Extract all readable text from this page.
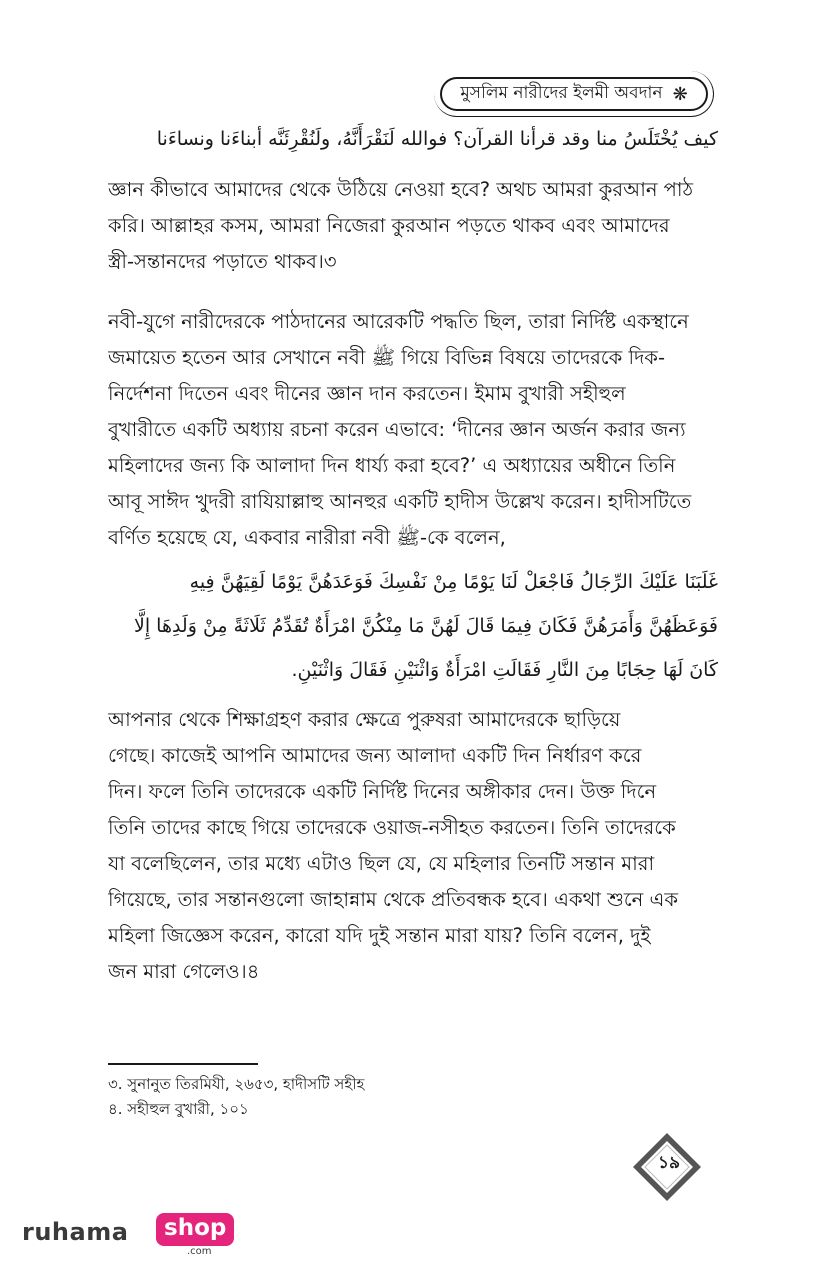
মুসলিম নারীদের ইলমী অবদান ❋
كيف يُخْتَلَسُ منا وقد قرأنا القرآن؟ فوالله لَنَقْرَأَنَّهُ، ولَنُقْرِئَنَّه أبناءَنا ونساءَنا

জ্ঞান কীভাবে আমাদের থেকে উঠিয়ে নেওয়া হবে? অথচ আমরা কুরআন পাঠ
করি। আল্লাহর কসম, আমরা নিজেরা কুরআন পড়তে থাকব এবং আমাদের
স্ত্রী-সন্তানদের পড়াতে থাকব।৩

নবী-যুগে নারীদেরকে পাঠদানের আরেকটি পদ্ধতি ছিল, তারা নির্দিষ্ট একস্থানে
জমায়েত হতেন আর সেখানে নবী ﷺ গিয়ে বিভিন্ন বিষয়ে তাদেরকে দিক-
নির্দেশনা দিতেন এবং দীনের জ্ঞান দান করতেন। ইমাম বুখারী সহীহুল
বুখারীতে একটি অধ্যায় রচনা করেন এভাবে: ‘দীনের জ্ঞান অর্জন করার জন্য
মহিলাদের জন্য কি আলাদা দিন ধার্য্য করা হবে?’ এ অধ্যায়ের অধীনে তিনি
আবূ সাঈদ খুদরী রাযিয়াল্লাহু আনহুর একটি হাদীস উল্লেখ করেন। হাদীসটিতে
বর্ণিত হয়েছে যে, একবার নারীরা নবী ﷺ-কে বলেন,

غَلَبَنَا عَلَيْكَ الرِّجَالُ فَاجْعَلْ لَنَا يَوْمًا مِنْ نَفْسِكَ فَوَعَدَهُنَّ يَوْمًا لَقِيَهُنَّ فِيهِ
فَوَعَظَهُنَّ وَأَمَرَهُنَّ فَكَانَ فِيمَا قَالَ لَهُنَّ مَا مِنْكُنَّ امْرَأَةٌ تُقَدِّمُ ثَلَاثَةً مِنْ وَلَدِهَا إِلَّا
كَانَ لَهَا حِجَابًا مِنَ النَّارِ فَقَالَتِ امْرَأَةٌ وَاثْنَيْنِ فَقَالَ وَاثْنَيْنِ.

আপনার থেকে শিক্ষাগ্রহণ করার ক্ষেত্রে পুরুষরা আমাদেরকে ছাড়িয়ে
গেছে। কাজেই আপনি আমাদের জন্য আলাদা একটি দিন নির্ধারণ করে
দিন। ফলে তিনি তাদেরকে একটি নির্দিষ্ট দিনের অঙ্গীকার দেন। উক্ত দিনে
তিনি তাদের কাছে গিয়ে তাদেরকে ওয়াজ-নসীহত করতেন। তিনি তাদেরকে
যা বলেছিলেন, তার মধ্যে এটাও ছিল যে, যে মহিলার তিনটি সন্তান মারা
গিয়েছে, তার সন্তানগুলো জাহান্নাম থেকে প্রতিবন্ধক হবে। একথা শুনে এক
মহিলা জিজ্ঞেস করেন, কারো যদি দুই সন্তান মারা যায়? তিনি বলেন, দুই
জন মারা গেলেও।৪

৩. সুনানুত তিরমিযী, ২৬৫৩, হাদীসটি সহীহ
৪. সহীহুল বুখারী, ১০১
১৯
ruhama	shop
.com
